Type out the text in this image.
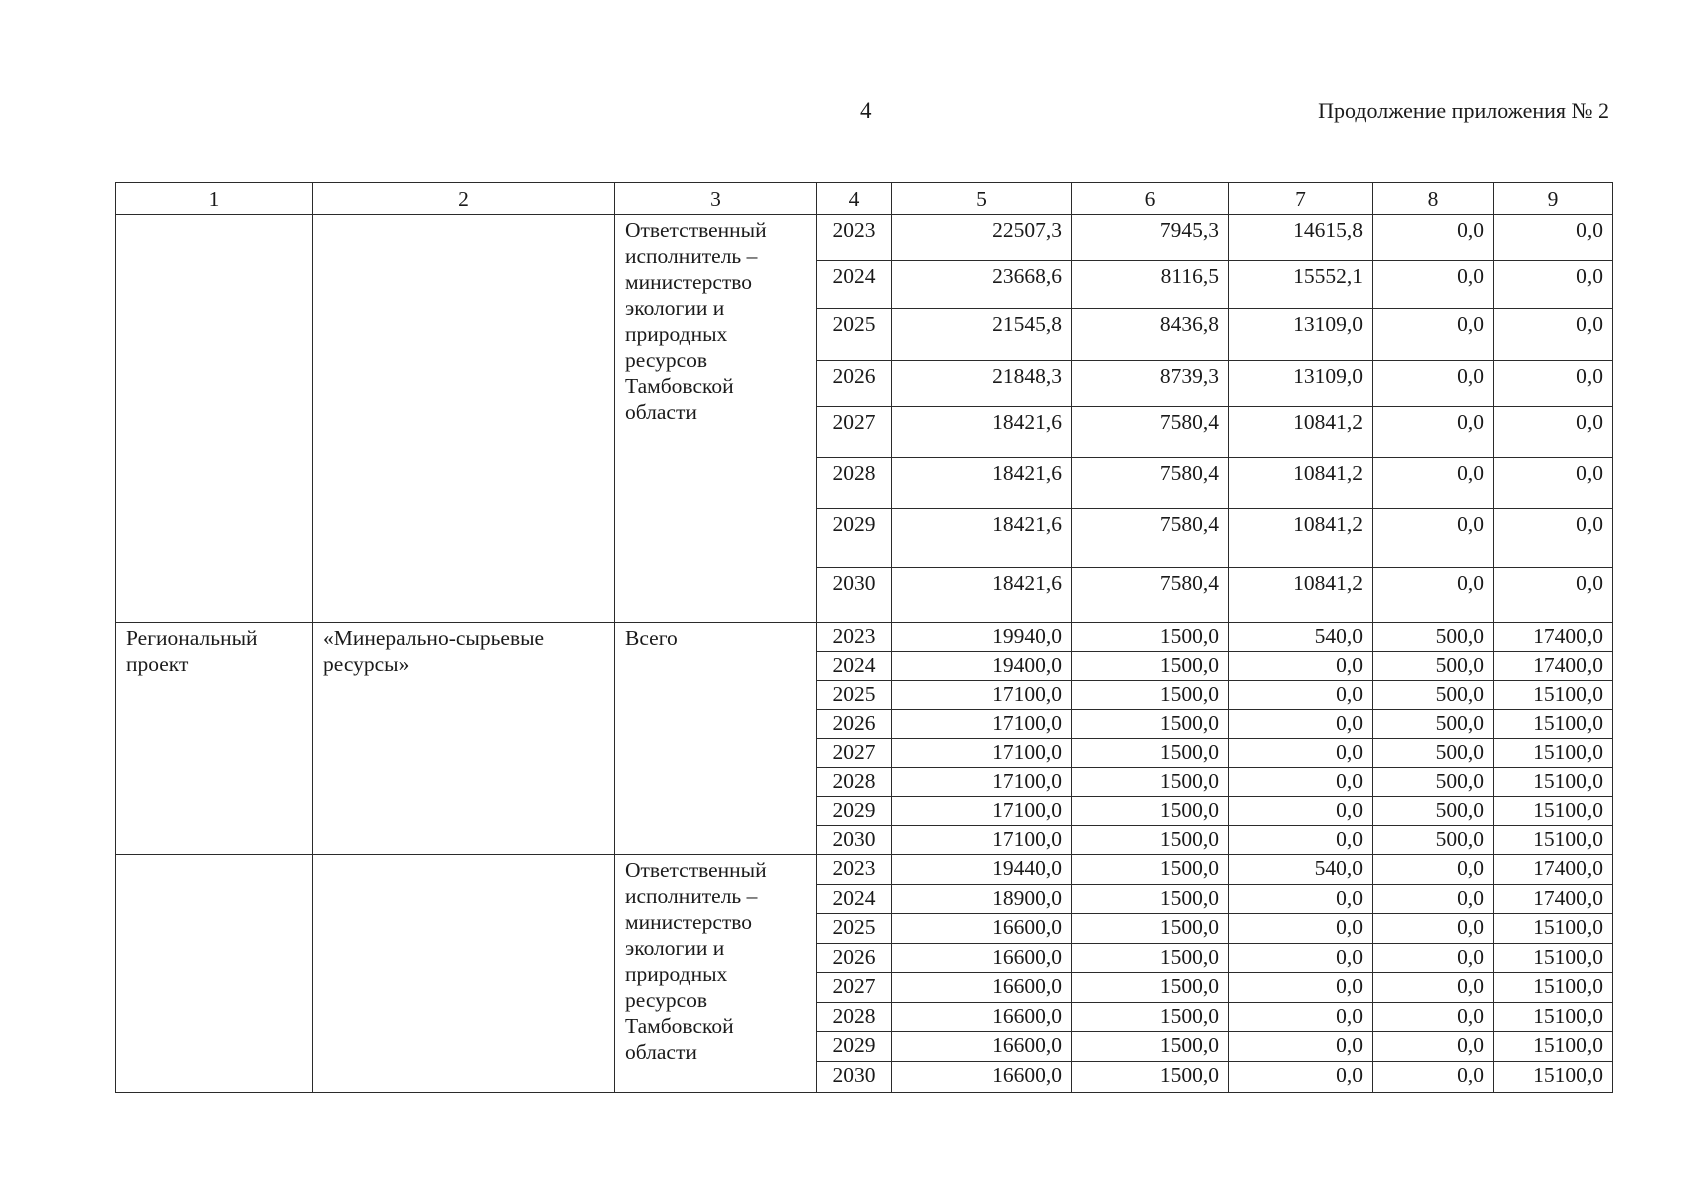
4	Продолжение приложения № 2
1	2	3	4	5	6	7	8	9
		Ответственный исполнитель – министерство экологии и природных ресурсов Тамбовской области	2023	22507,3	7945,3	14615,8	0,0	0,0
			2024	23668,6	8116,5	15552,1	0,0	0,0
			2025	21545,8	8436,8	13109,0	0,0	0,0
			2026	21848,3	8739,3	13109,0	0,0	0,0
			2027	18421,6	7580,4	10841,2	0,0	0,0
			2028	18421,6	7580,4	10841,2	0,0	0,0
			2029	18421,6	7580,4	10841,2	0,0	0,0
			2030	18421,6	7580,4	10841,2	0,0	0,0
Региональный проект	«Минерально-сырьевые ресурсы»	Всего	2023	19940,0	1500,0	540,0	500,0	17400,0
			2024	19400,0	1500,0	0,0	500,0	17400,0
			2025	17100,0	1500,0	0,0	500,0	15100,0
			2026	17100,0	1500,0	0,0	500,0	15100,0
			2027	17100,0	1500,0	0,0	500,0	15100,0
			2028	17100,0	1500,0	0,0	500,0	15100,0
			2029	17100,0	1500,0	0,0	500,0	15100,0
			2030	17100,0	1500,0	0,0	500,0	15100,0
		Ответственный исполнитель – министерство экологии и природных ресурсов Тамбовской области	2023	19440,0	1500,0	540,0	0,0	17400,0
			2024	18900,0	1500,0	0,0	0,0	17400,0
			2025	16600,0	1500,0	0,0	0,0	15100,0
			2026	16600,0	1500,0	0,0	0,0	15100,0
			2027	16600,0	1500,0	0,0	0,0	15100,0
			2028	16600,0	1500,0	0,0	0,0	15100,0
			2029	16600,0	1500,0	0,0	0,0	15100,0
			2030	16600,0	1500,0	0,0	0,0	15100,0
